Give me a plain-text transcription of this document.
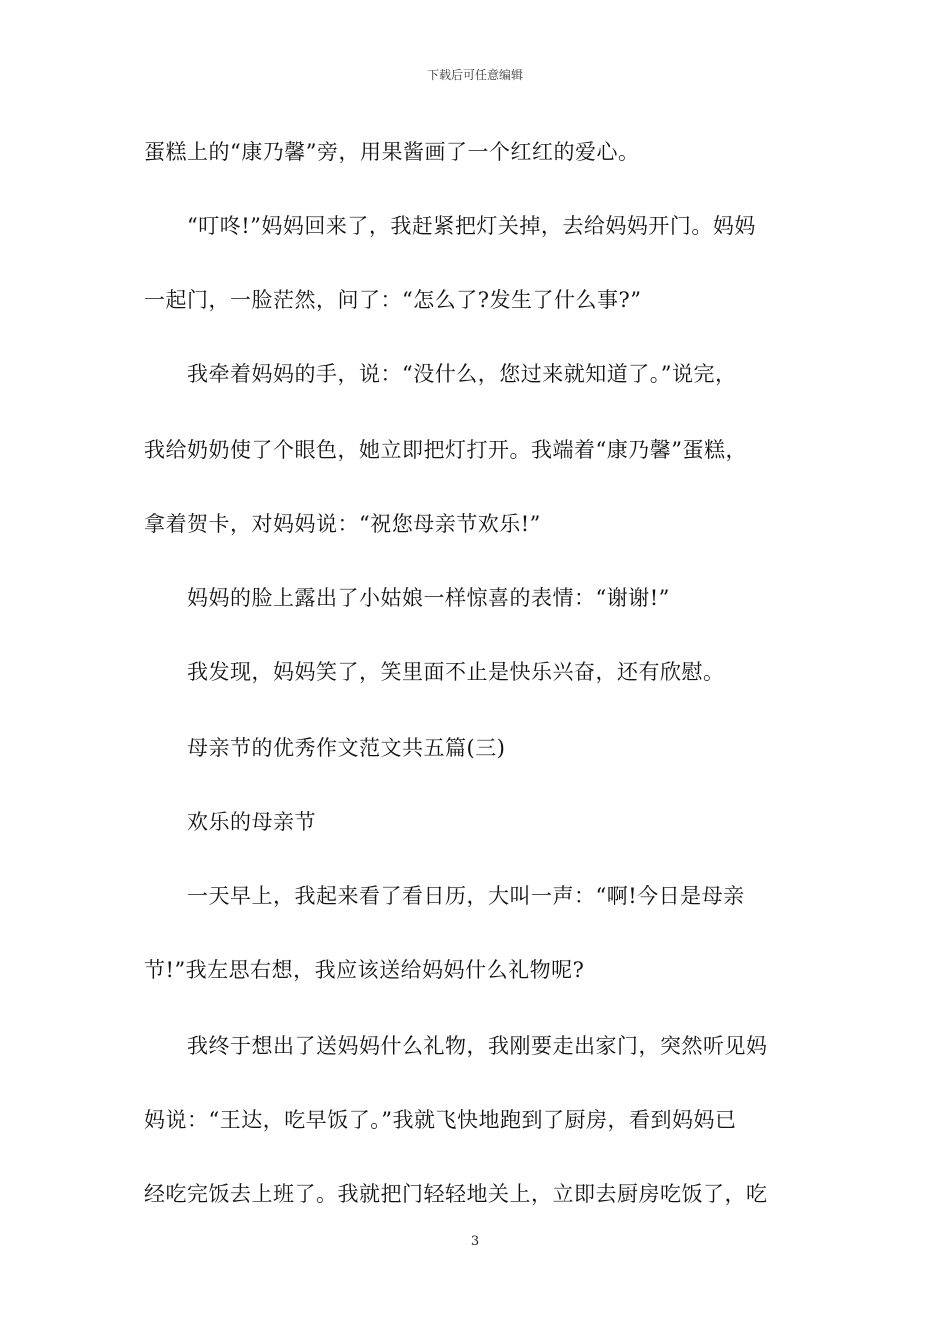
下载后可任意编辑
蛋糕上的“康乃馨”旁，用果酱画了一个红红的爱心。
　　“叮咚!”妈妈回来了，我赶紧把灯关掉，去给妈妈开门。妈妈
一起门，一脸茫然，问了：“怎么了?发生了什么事?”
　　我牵着妈妈的手，说：“没什么，您过来就知道了。”说完，
我给奶奶使了个眼色，她立即把灯打开。我端着“康乃馨”蛋糕，
拿着贺卡，对妈妈说：“祝您母亲节欢乐!”
　　妈妈的脸上露出了小姑娘一样惊喜的表情：“谢谢!”
　　我发现，妈妈笑了，笑里面不止是快乐兴奋，还有欣慰。
　　母亲节的优秀作文范文共五篇(三)
　　欢乐的母亲节
　　一天早上，我起来看了看日历，大叫一声：“啊!今日是母亲
节!”我左思右想，我应该送给妈妈什么礼物呢?
　　我终于想出了送妈妈什么礼物，我刚要走出家门，突然听见妈
妈说：“王达，吃早饭了。”我就飞快地跑到了厨房，看到妈妈已
经吃完饭去上班了。我就把门轻轻地关上，立即去厨房吃饭了，吃
3
